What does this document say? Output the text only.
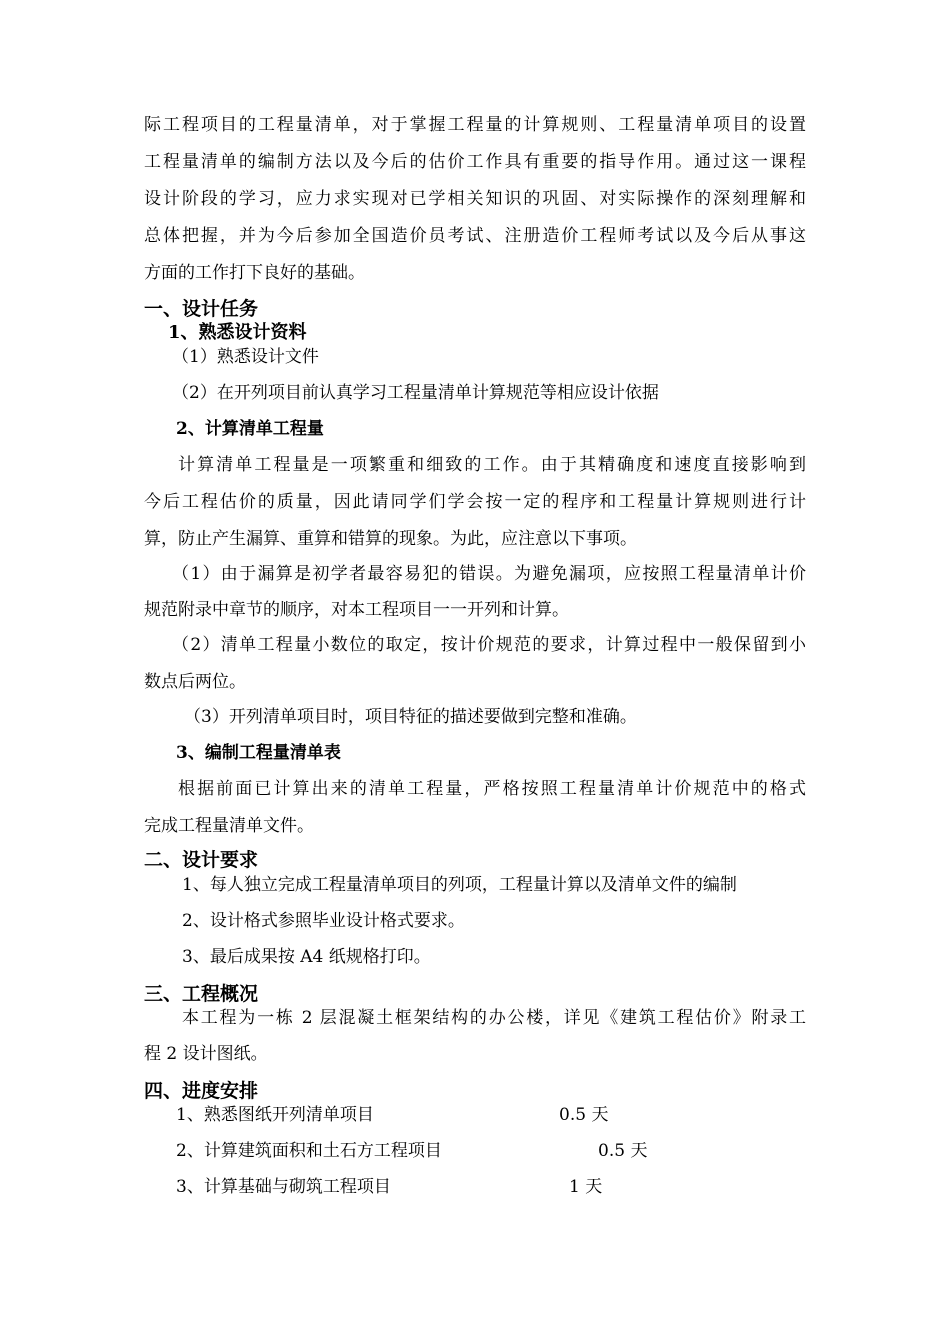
际工程项目的工程量清单，对于掌握工程量的计算规则、工程量清单项目的设置
工程量清单的编制方法以及今后的估价工作具有重要的指导作用。通过这一课程
设计阶段的学习，应力求实现对已学相关知识的巩固、对实际操作的深刻理解和
总体把握，并为今后参加全国造价员考试、注册造价工程师考试以及今后从事这
方面的工作打下良好的基础。
一、设计任务
1、熟悉设计资料
（1）熟悉设计文件
（2）在开列项目前认真学习工程量清单计算规范等相应设计依据
2、计算清单工程量
计算清单工程量是一项繁重和细致的工作。由于其精确度和速度直接影响到
今后工程估价的质量，因此请同学们学会按一定的程序和工程量计算规则进行计
算，防止产生漏算、重算和错算的现象。为此，应注意以下事项。
（1）由于漏算是初学者最容易犯的错误。为避免漏项，应按照工程量清单计价
规范附录中章节的顺序，对本工程项目一一开列和计算。
（2）清单工程量小数位的取定，按计价规范的要求，计算过程中一般保留到小
数点后两位。
（3）开列清单项目时，项目特征的描述要做到完整和准确。
3、编制工程量清单表
根据前面已计算出来的清单工程量，严格按照工程量清单计价规范中的格式
完成工程量清单文件。
二、设计要求
1、每人独立完成工程量清单项目的列项，工程量计算以及清单文件的编制
2、设计格式参照毕业设计格式要求。
3、最后成果按 A4 纸规格打印。
三、工程概况
本工程为一栋 2 层混凝土框架结构的办公楼，详见《建筑工程估价》附录工
程 2 设计图纸。
四、进度安排
1、熟悉图纸开列清单项目	0.5 天
2、计算建筑面积和土石方工程项目	0.5 天
3、计算基础与砌筑工程项目	1 天
